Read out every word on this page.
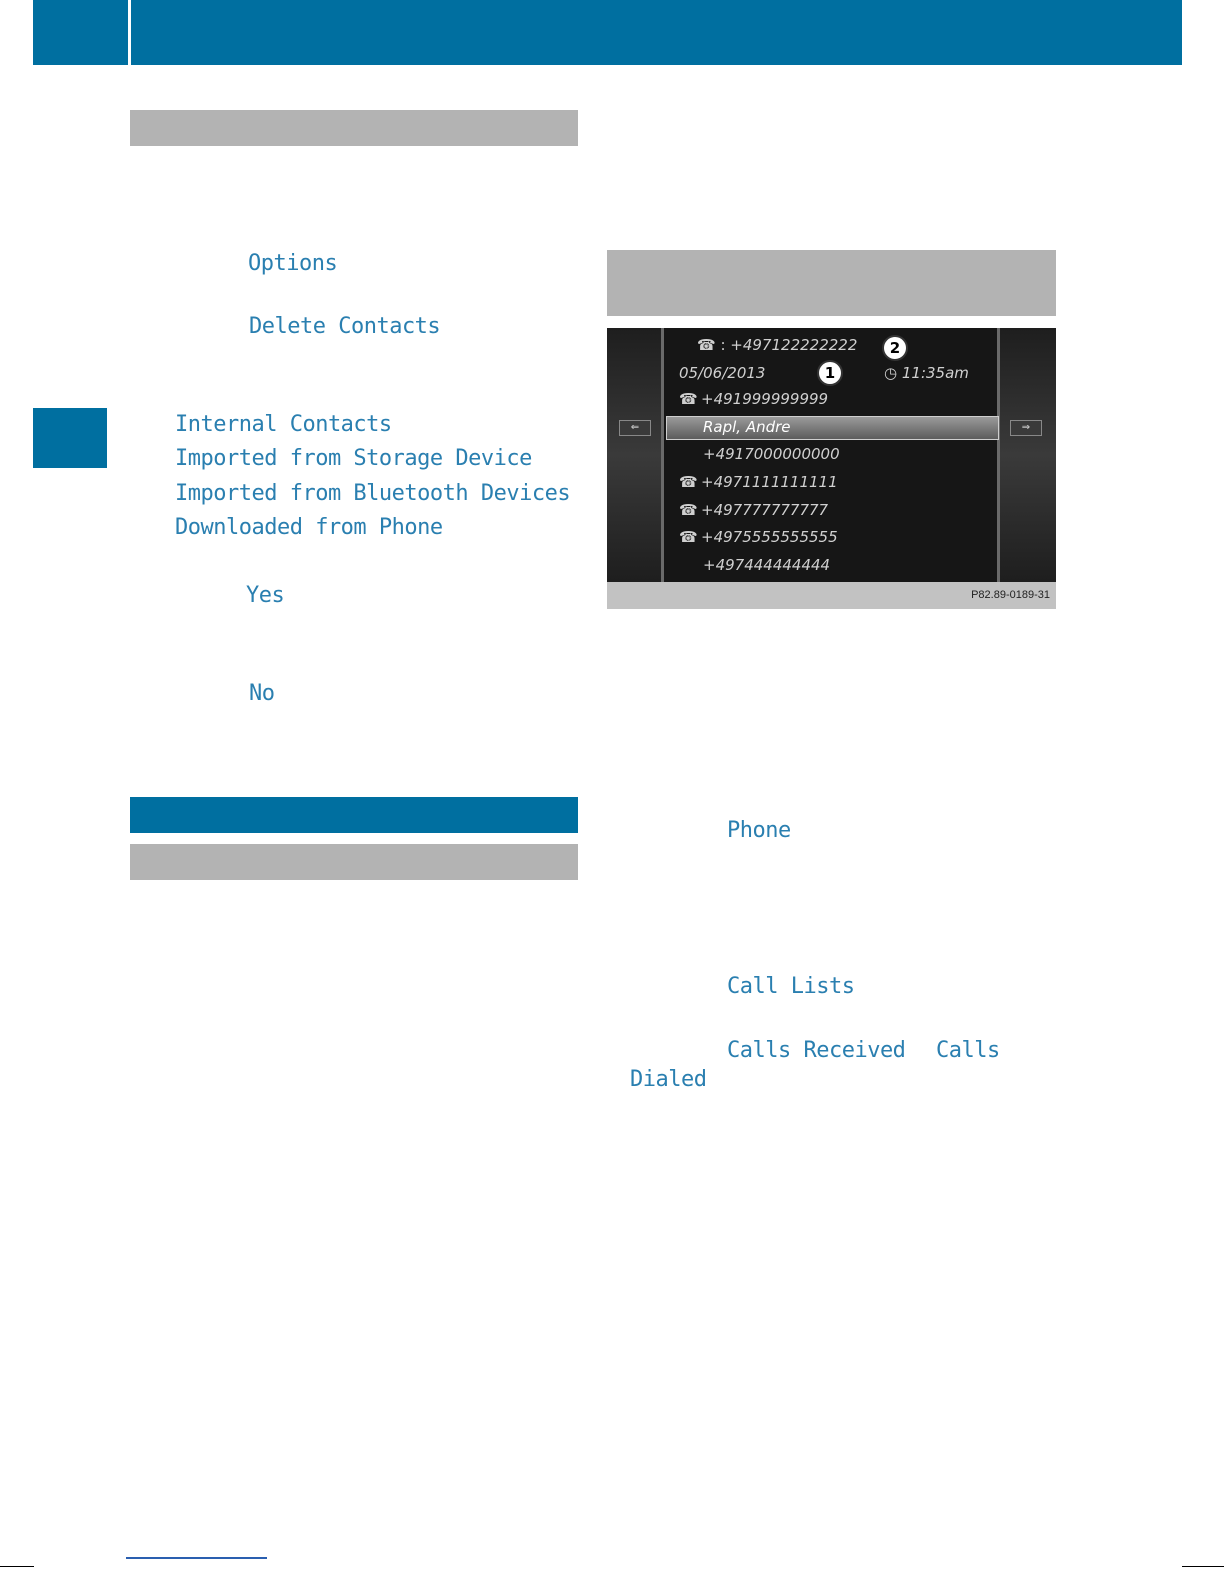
Options
Delete Contacts
Internal Contacts
Imported from Storage Device
Imported from Bluetooth Devices
Downloaded from Phone
Yes
No
⇐	⇒
☎ : +497122222222	2
05/06/2013	1	◷ 11:35am
☎ +491999999999
Rapl, Andre
+4917000000000
☎ +4971111111111
☎ +497777777777
☎ +4975555555555
+497444444444
P82.89-0189-31
Phone
Call Lists
Calls Received Calls
Dialed
